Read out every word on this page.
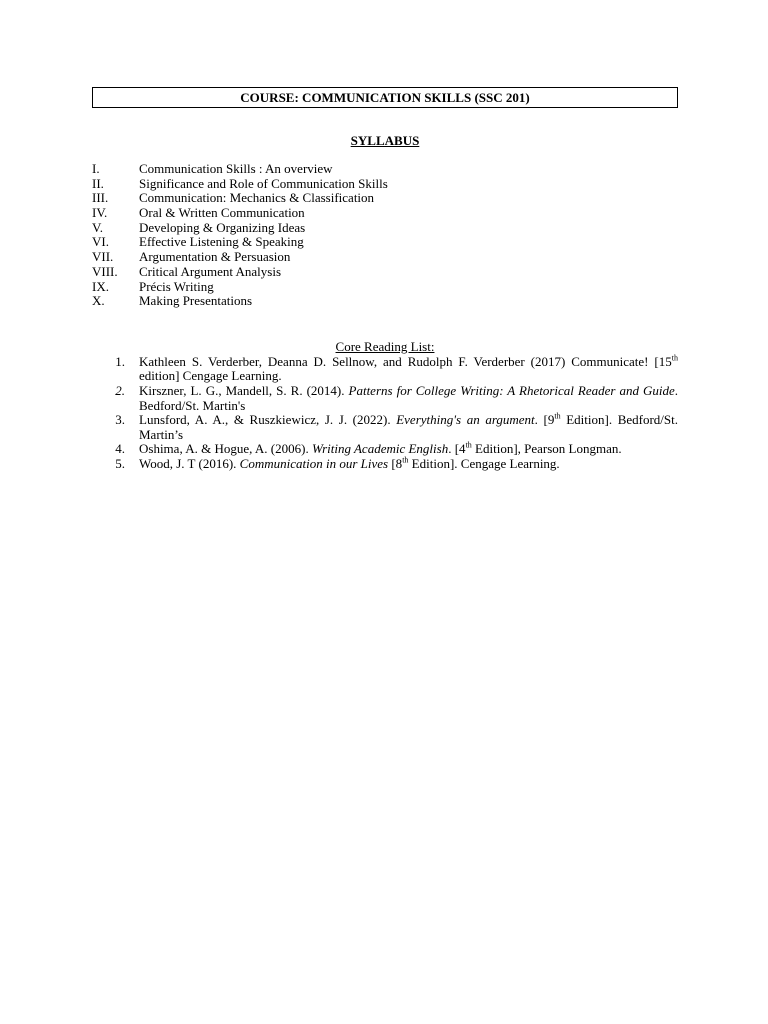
COURSE: COMMUNICATION SKILLS (SSC 201)
SYLLABUS
I.	Communication Skills : An overview
II.	Significance and Role of Communication Skills
III.	Communication: Mechanics & Classification
IV.	Oral & Written Communication
V.	Developing & Organizing Ideas
VI.	Effective Listening & Speaking
VII.	Argumentation & Persuasion
VIII.	Critical Argument Analysis
IX.	Précis Writing
X.	Making Presentations
Core Reading List:
1.	Kathleen S. Verderber, Deanna D. Sellnow, and Rudolph F. Verderber (2017) Communicate! [15th edition] Cengage Learning.
2.	Kirszner, L. G., Mandell, S. R. (2014). Patterns for College Writing: A Rhetorical Reader and Guide. Bedford/St. Martin's
3.	Lunsford, A. A., & Ruszkiewicz, J. J. (2022). Everything's an argument. [9th Edition]. Bedford/St. Martin’s
4.	Oshima, A. & Hogue, A. (2006). Writing Academic English. [4th Edition], Pearson Longman.
5.	Wood, J. T (2016). Communication in our Lives [8th Edition]. Cengage Learning.
